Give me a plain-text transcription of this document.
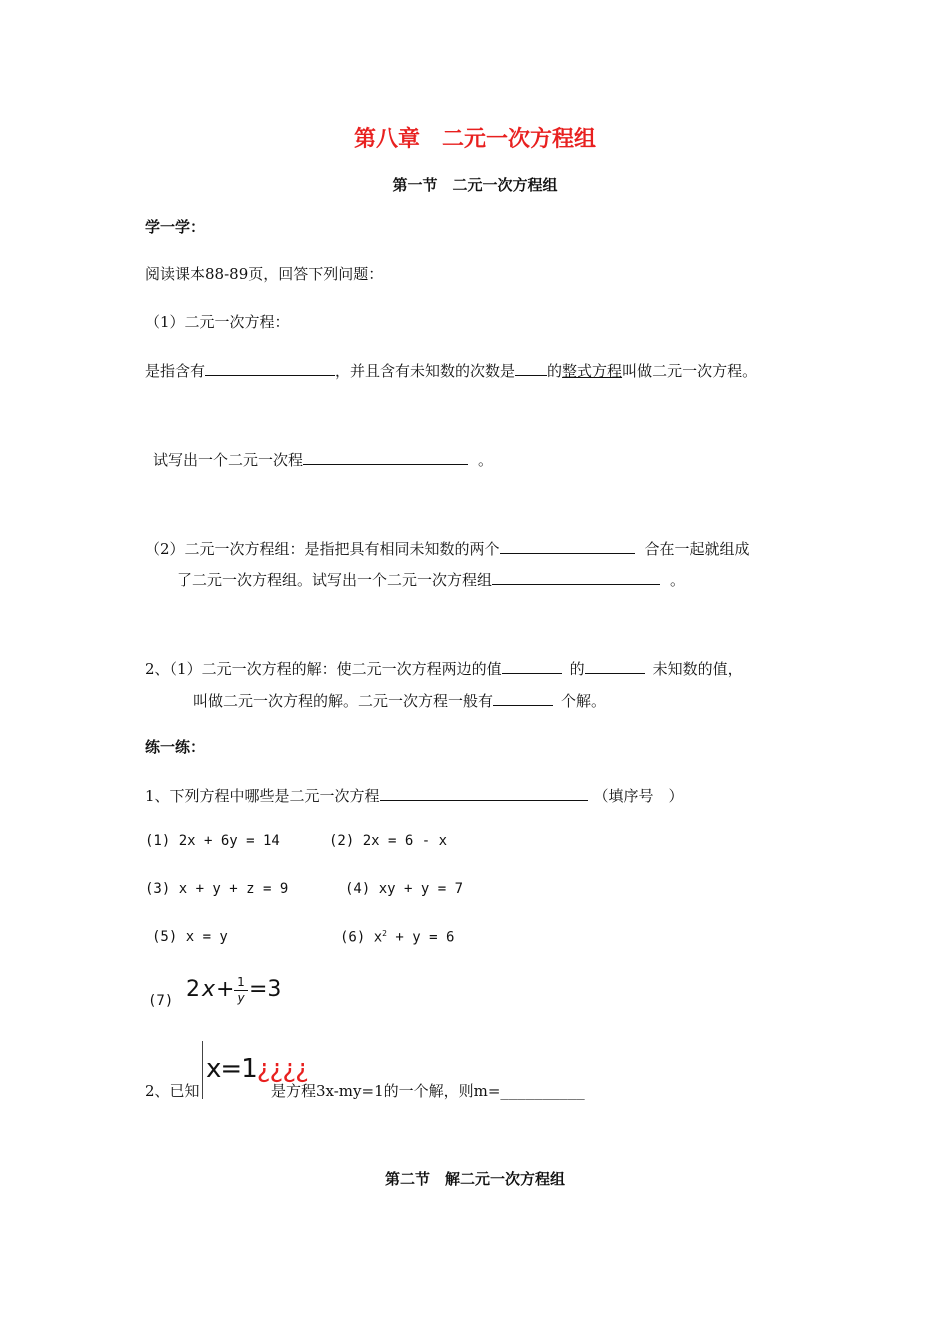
第八章　二元一次方程组
第一节　二元一次方程组
学一学：
阅读课本88-89页，回答下列问题：
（1）二元一次方程：
是指含有	，并且含有未知数的次数是 的整式方程叫做二元一次方程。
试写出一个二元一次程	。
（2）二元一次方程组：是指把具有相同未知数的两个	合在一起就组成
了二元一次方程组。试写出一个二元一次方程组	。
2、（1）二元一次方程的解：使二元一次方程两边的值	的	未知数的值，
叫做二元一次方程的解。二元一次方程一般有	个解。
练一练：
1、下列方程中哪些是二元一次方程	（填序号　）
(1) 2x + 6y = 14	(2) 2x = 6 - x
(3) x + y + z = 9	(4) xy + y = 7
(5) x = y	(6) $x^2 + y = 6$
(7) 2 x + 1
y =3
2、已知
x=1¿¿¿¿
是方程3x-my=1的一个解，则m=__________
第二节　解二元一次方程组
